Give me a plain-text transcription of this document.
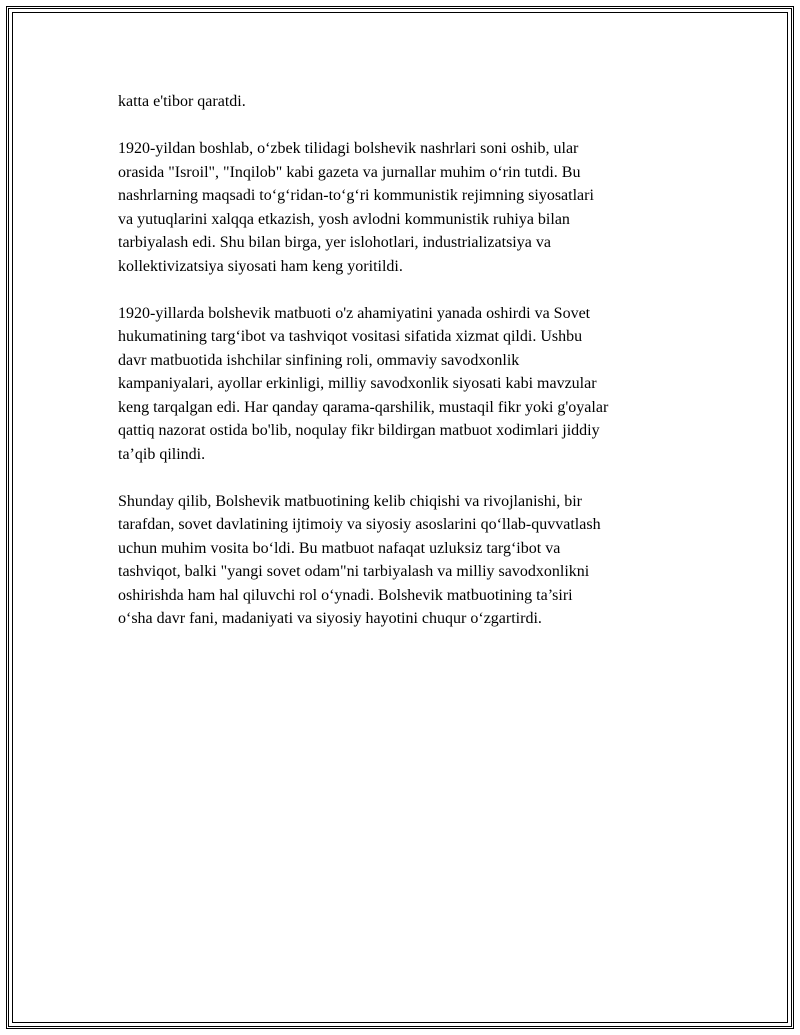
katta e'tibor qaratdi.

1920-yildan boshlab, o‘zbek tilidagi bolshevik nashrlari soni oshib, ular
orasida "Isroil", "Inqilob" kabi gazeta va jurnallar muhim o‘rin tutdi. Bu
nashrlarning maqsadi to‘g‘ridan-to‘g‘ri kommunistik rejimning siyosatlari
va yutuqlarini xalqqa etkazish, yosh avlodni kommunistik ruhiya bilan
tarbiyalash edi. Shu bilan birga, yer islohotlari, industrializatsiya va
kollektivizatsiya siyosati ham keng yoritildi.

1920-yillarda bolshevik matbuoti o'z ahamiyatini yanada oshirdi va Sovet
hukumatining targ‘ibot va tashviqot vositasi sifatida xizmat qildi. Ushbu
davr matbuotida ishchilar sinfining roli, ommaviy savodxonlik
kampaniyalari, ayollar erkinligi, milliy savodxonlik siyosati kabi mavzular
keng tarqalgan edi. Har qanday qarama-qarshilik, mustaqil fikr yoki g'oyalar
qattiq nazorat ostida bo'lib, noqulay fikr bildirgan matbuot xodimlari jiddiy
ta’qib qilindi.

Shunday qilib, Bolshevik matbuotining kelib chiqishi va rivojlanishi, bir
tarafdan, sovet davlatining ijtimoiy va siyosiy asoslarini qo‘llab-quvvatlash
uchun muhim vosita bo‘ldi. Bu matbuot nafaqat uzluksiz targ‘ibot va
tashviqot, balki "yangi sovet odam"ni tarbiyalash va milliy savodxonlikni
oshirishda ham hal qiluvchi rol o‘ynadi. Bolshevik matbuotining ta’siri
o‘sha davr fani, madaniyati va siyosiy hayotini chuqur o‘zgartirdi.
